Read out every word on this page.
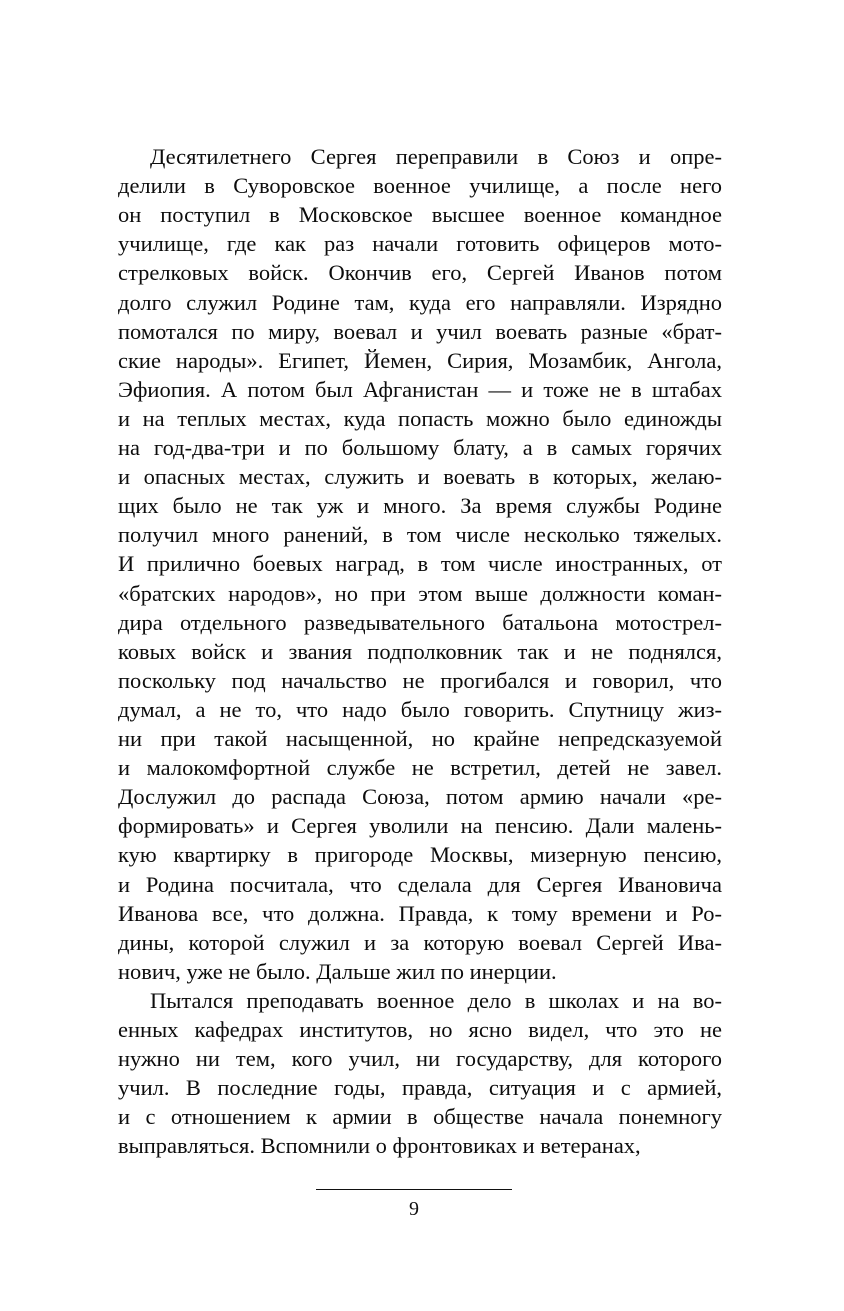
Десятилетнего Сергея переправили в Союз и опре-
делили в Суворовское военное училище, а после него
он поступил в Московское высшее военное командное
училище, где как раз начали готовить офицеров мото-
стрелковых войск. Окончив его, Сергей Иванов потом
долго служил Родине там, куда его направляли. Изрядно
помотался по миру, воевал и учил воевать разные «брат-
ские народы». Египет, Йемен, Сирия, Мозамбик, Ангола,
Эфиопия. А потом был Афганистан — и тоже не в штабах
и на теплых местах, куда попасть можно было единожды
на год-два-три и по большому блату, а в самых горячих
и опасных местах, служить и воевать в которых, желаю-
щих было не так уж и много. За время службы Родине
получил много ранений, в том числе несколько тяжелых.
И прилично боевых наград, в том числе иностранных, от
«братских народов», но при этом выше должности коман-
дира отдельного разведывательного батальона мотострел-
ковых войск и звания подполковник так и не поднялся,
поскольку под начальство не прогибался и говорил, что
думал, а не то, что надо было говорить. Спутницу жиз-
ни при такой насыщенной, но крайне непредсказуемой
и малокомфортной службе не встретил, детей не завел.
Дослужил до распада Союза, потом армию начали «ре-
формировать» и Сергея уволили на пенсию. Дали малень-
кую квартирку в пригороде Москвы, мизерную пенсию,
и Родина посчитала, что сделала для Сергея Ивановича
Иванова все, что должна. Правда, к тому времени и Ро-
дины, которой служил и за которую воевал Сергей Ива-
нович, уже не было. Дальше жил по инерции.
Пытался преподавать военное дело в школах и на во-
енных кафедрах институтов, но ясно видел, что это не
нужно ни тем, кого учил, ни государству, для которого
учил. В последние годы, правда, ситуация и с армией,
и с отношением к армии в обществе начала понемногу
выправляться. Вспомнили о фронтовиках и ветеранах,
9
